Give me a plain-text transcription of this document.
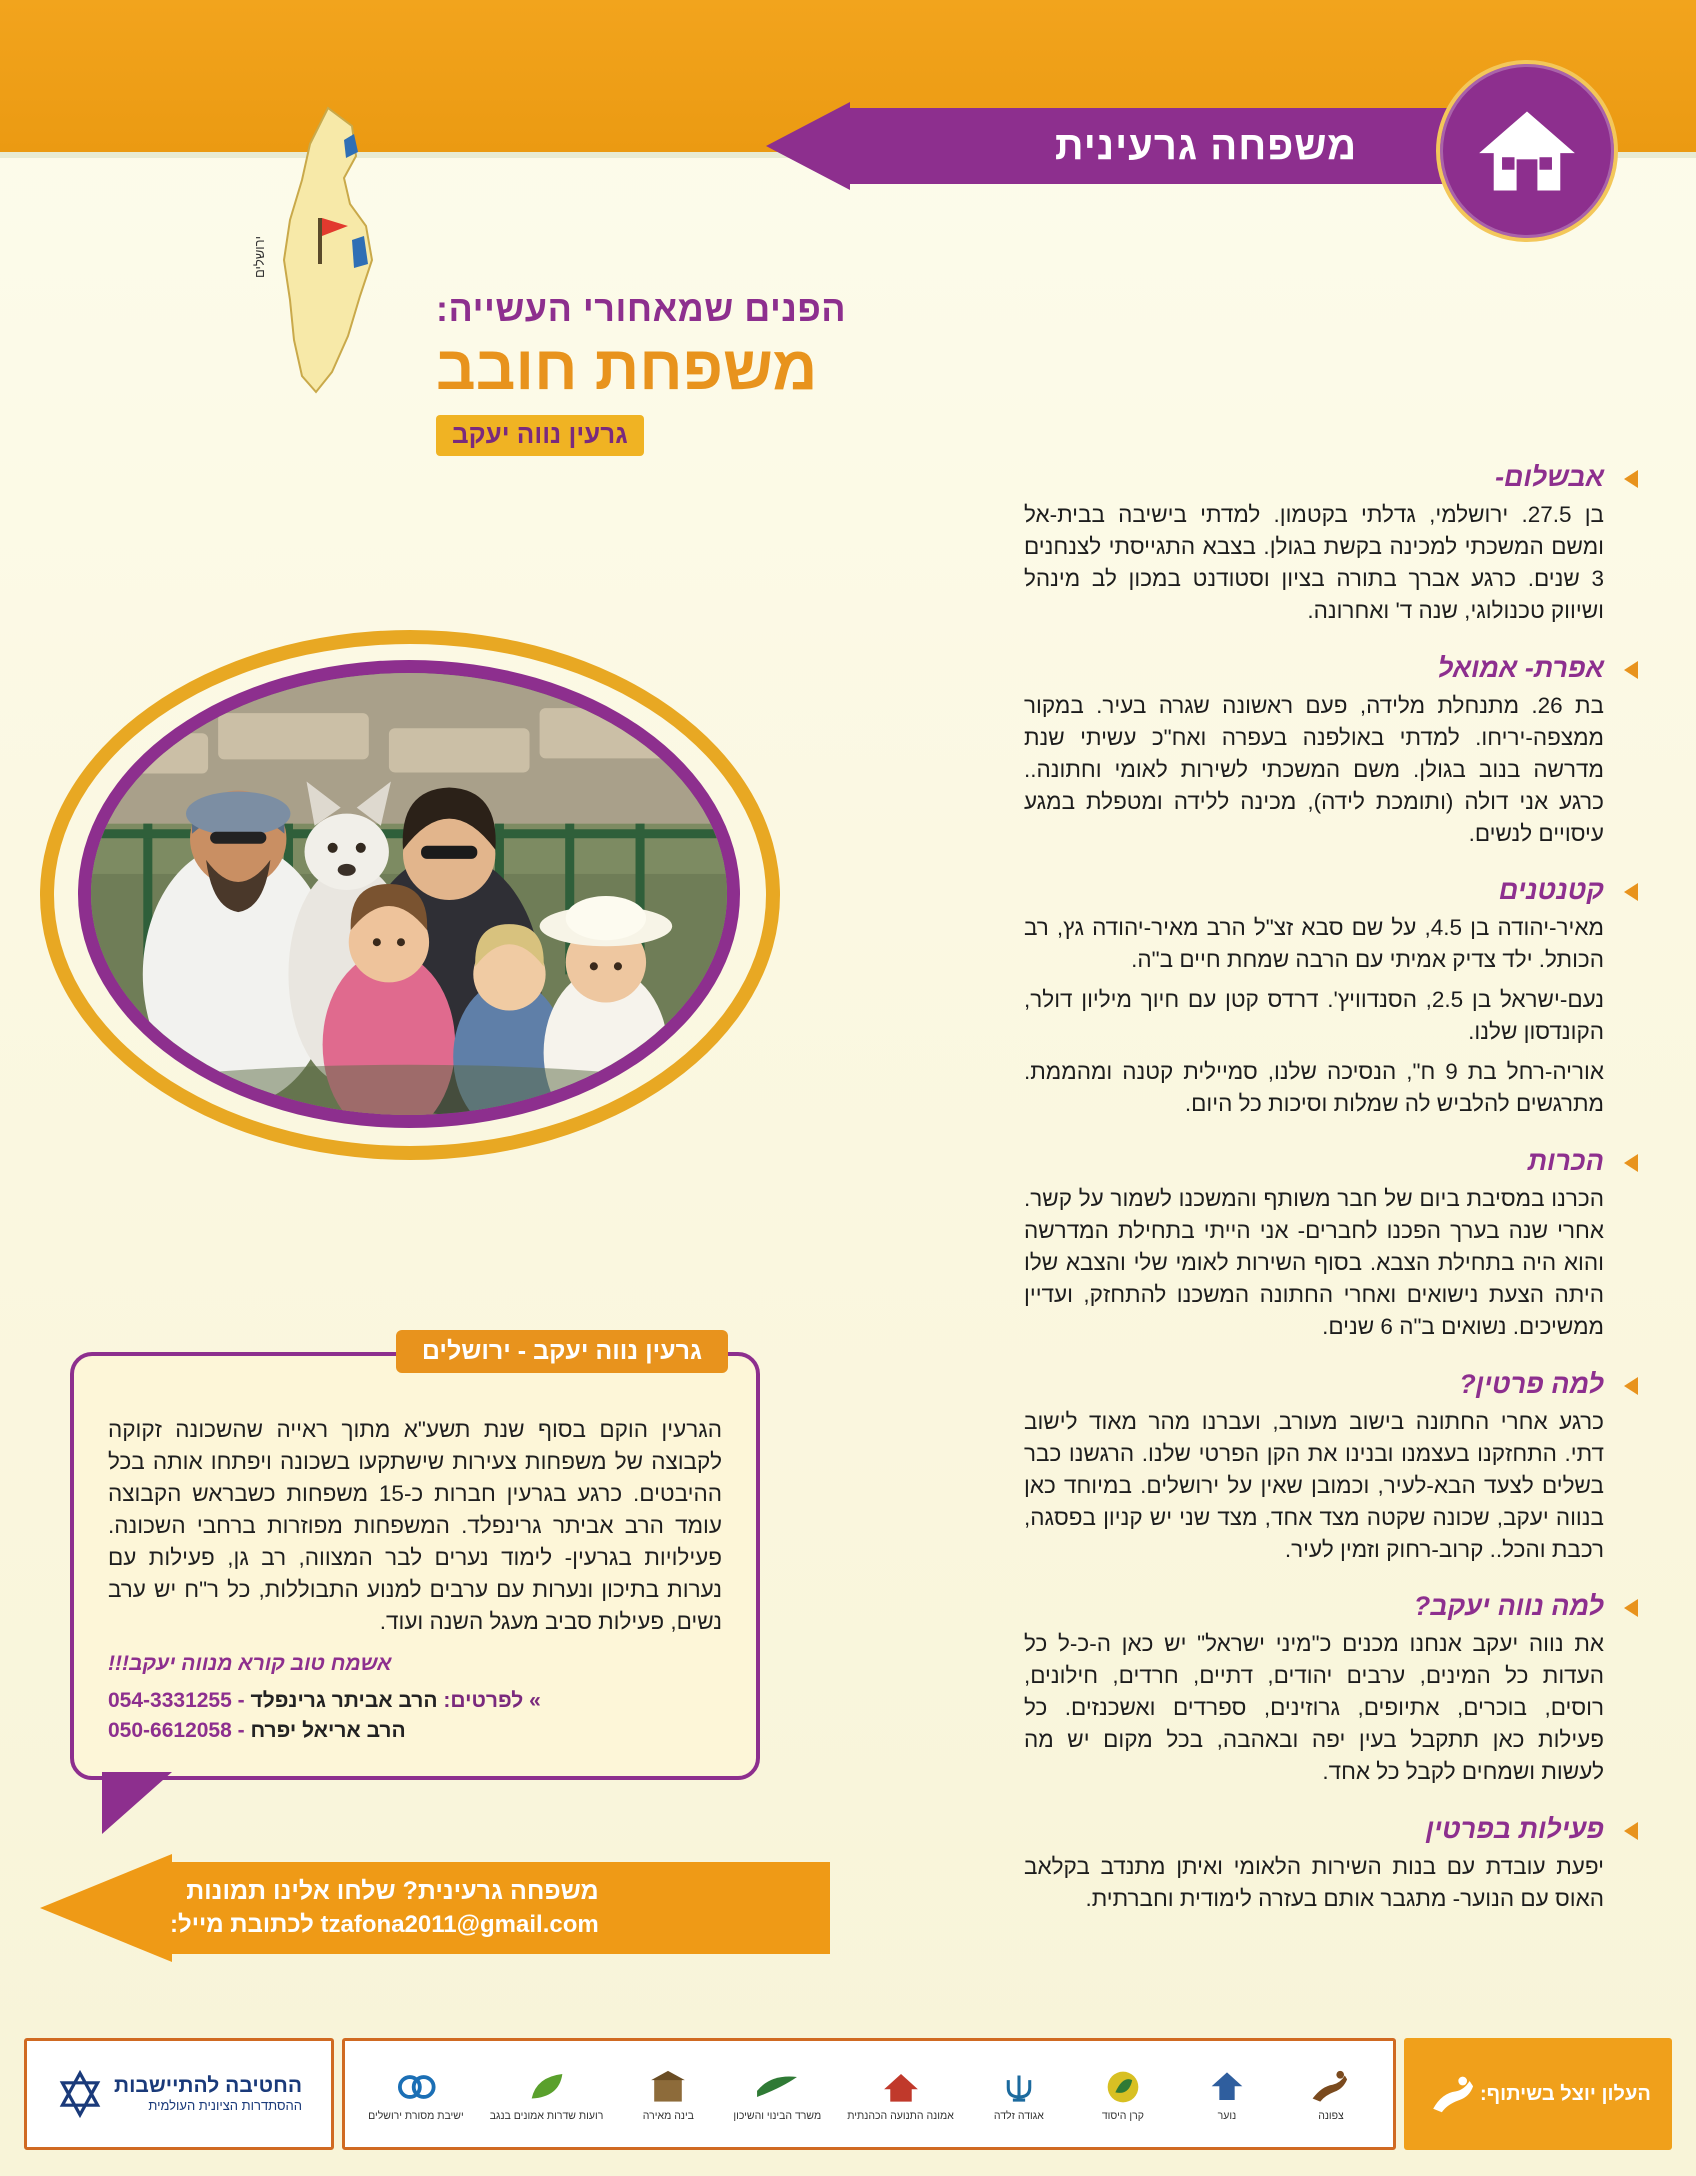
משפחה גרעינית
ירושלים
הפנים שמאחורי העשייה:
משפחת חובב
גרעין נווה יעקב
גרעין נווה יעקב - ירושלים

הגרעין הוקם בסוף שנת תשע"א מתוך ראייה שהשכונה זקוקה לקבוצה של משפחות צעירות שישתקעו בשכונה ויפתחו אותה בכל ההיבטים. כרגע בגרעין חברות כ-15 משפחות כשבראש הקבוצה עומד הרב אביתר גרינפלד. המשפחות מפוזרות ברחבי השכונה. פעילויות בגרעין- לימוד נערים לבר המצווה, רב גן, פעילות עם נערות בתיכון ונערות עם ערבים למנוע התבוללות, כל ר"ח יש ערב נשים, פעילות סביב מעגל השנה ועוד.

אשמח טוב קורא מנווה יעקב!!!
» לפרטים: הרב אביתר גרינפלד - 054-3331255
הרב אריאל יפרח - 050-6612058
אבשלום-

בן 27.5. ירושלמי, גדלתי בקטמון. למדתי בישיבה בבית-אל ומשם המשכתי למכינה בקשת בגולן. בצבא התגייסתי לצנחנים 3 שנים. כרגע אברך בתורה בציון וסטודנט במכון לב מינהל ושיווק טכנולוגי, שנה ד' ואחרונה.

אפרת- אמואל

בת 26. מתנחלת מלידה, פעם ראשונה שגרה בעיר. במקור ממצפה-יריחו. למדתי באולפנה בעפרה ואח"כ עשיתי שנת מדרשה בנוב בגולן. משם המשכתי לשירות לאומי וחתונה.. כרגע אני דולה (ותומכת לידה), מכינה ללידה ומטפלת במגע עיסויים לנשים.

קטנטנים

מאיר-יהודה בן 4.5, על שם סבא זצ"ל הרב מאיר-יהודה גץ, רב הכותל. ילד צדיק אמיתי עם הרבה שמחת חיים ב"ה.

נעם-ישראל בן 2.5, הסנדוויץ'. דרדס קטן עם חיוך מיליון דולר, הקונדסון שלנו.

אוריה-רחל בת 9 ח", הנסיכה שלנו, סמיילית קטנה ומהממת. מתרגשים להלביש לה שמלות וסיכות כל היום.

הכרות

הכרנו במסיבת ביום של חבר משותף והמשכנו לשמור על קשר. אחרי שנה בערך הפכנו לחברים- אני הייתי בתחילת המדרשה והוא היה בתחילת הצבא. בסוף השירות לאומי שלי והצבא שלו היתה הצעת נישואים ואחרי החתונה המשכנו להתחזק, ועדיין ממשיכים. נשואים ב"ה 6 שנים.

למה פרטין?

כרגע אחרי החתונה בישוב מעורב, ועברנו מהר מאוד לישוב דתי. התחזקנו בעצמנו ובנינו את הקן הפרטי שלנו. הרגשנו כבר בשלים לצעד הבא-לעיר, וכמובן שאין על ירושלים. במיוחד כאן בנווה יעקב, שכונה שקטה מצד אחד, מצד שני יש קניון בפסגה, רכבת והכל.. קרוב-רחוק וזמין לעיר.

למה נווה יעקב?

את נווה יעקב אנחנו מכנים כ"מיני ישראל" יש כאן ה-כ-ל כל העדות כל המינים, ערבים יהודים, דתיים, חרדים, חילונים, רוסים, בוכרים, אתיופים, גרוזינים, ספרדים ואשכנזים. כל פעילות כאן תתקבל בעין יפה ובאהבה, בכל מקום יש מה לעשות ושמחים לקבל כל אחד.

פעילות בפרטין

יפעת עובדת עם בנות השירות הלאומי ואיתן מתנדב בקלאב האוס עם הנוער- מתגבר אותם בעזרה לימודית וחברתית.

משפחה גרעינית? שלחו אלינו תמונות
tzafona2011@gmail.com לכתובת מייל:
העלון יוצל בשיתוף:
צפונה
נוער
קרן היסוד
אגודה זלדה
אמונה התנועה הכהנתית
משרד הבינוי והשיכון
בינה מאירה
רועות שדרות אמונים בנגב
ישיבת מסורת ירושלים
החטיבה להתיישבות
ההסתדרות הציונית העולמית
